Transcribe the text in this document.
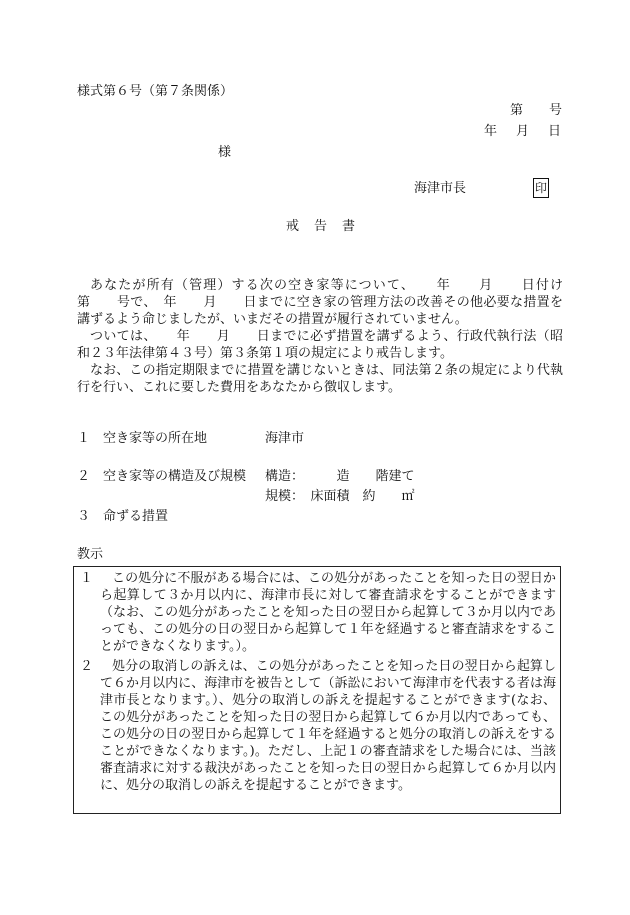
様式第６号（第７条関係）
第 号
年 月 日
様
海津市長	印
戒　告　書
あなたが所有（管理）する次の空き家等について、　　年　　月　　日付け　　第　　号で、　年　　月　　日までに空き家の管理方法の改善その他必要な措置を講ずるよう命じましたが、いまだその措置が履行されていません。
ついては、　　年　　月　　日までに必ず措置を講ずるよう、行政代執行法（昭和２３年法律第４３号）第３条第１項の規定により戒告します。
なお、この指定期限までに措置を講じないときは、同法第２条の規定により代執行を行い、これに要した費用をあなたから徴収します。
１　空き家等の所在地	海津市
２　空き家等の構造及び規模 構造：　　　造　　階建て
規模：　床面積　約　　㎡
３　命ずる措置
教示
１	この処分に不服がある場合には、この処分があったことを知った日の翌日から起算して３か月以内に、海津市長に対して審査請求をすることができます（なお、この処分があったことを知った日の翌日から起算して３か月以内であっても、この処分の日の翌日から起算して１年を経過すると審査請求をすることができなくなります。）。
２	処分の取消しの訴えは、この処分があったことを知った日の翌日から起算して６か月以内に、海津市を被告として（訴訟において海津市を代表する者は海津市長となります。）、処分の取消しの訴えを提起することができます(なお、この処分があったことを知った日の翌日から起算して６か月以内であっても、この処分の日の翌日から起算して１年を経過すると処分の取消しの訴えをすることができなくなります。)。ただし、上記１の審査請求をした場合には、当該審査請求に対する裁決があったことを知った日の翌日から起算して６か月以内に、処分の取消しの訴えを提起することができます。
